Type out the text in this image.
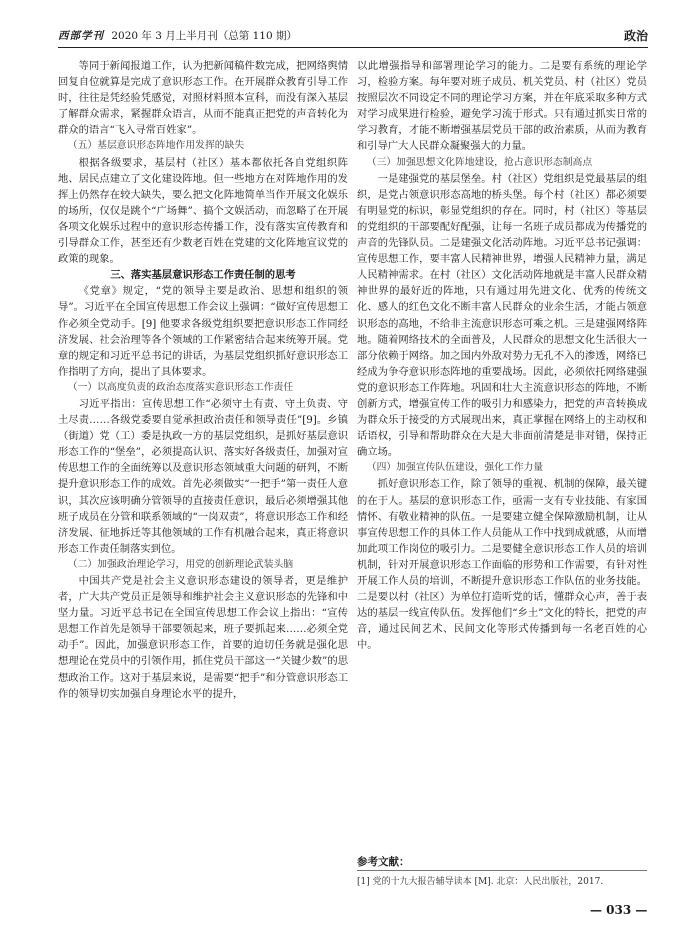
西部学刊 2020 年 3 月上半月刊（总第 110 期）	政治

等同于新闻报道工作，认为把新闻稿件数完成，把网络舆情回复自位就算是完成了意识形态工作。在开展群众教育引导工作时，往往是凭经验凭感觉，对照材料照本宣科，而没有深入基层了解群众需求，紧握群众语言，从而不能真正把党的声音转化为群众的语言“飞入寻常百姓家”。

（五）基层意识形态阵地作用发挥的缺失

根据各级要求，基层村（社区）基本都依托各自党组织阵地、居民点建立了文化建设阵地。但一些地方在对阵地作用的发挥上仍然存在较大缺失，要么把文化阵地简单当作开展文化娱乐的场所，仅仅是跳个“广场舞”、搞个文娱活动，而忽略了在开展各项文化娱乐过程中的意识形态传播工作，没有落实宣传教育和引导群众工作，甚至还有少数老百姓在党建的文化阵地宣议党的政策的现象。

三、落实基层意识形态工作责任制的思考

《党章》规定，“党的领导主要是政治、思想和组织的领导”。习近平在全国宣传思想工作会议上强调：“做好宣传思想工作必须全党动手。[9] 他要求各级党组织要把意识形态工作同经济发展、社会治理等各个领域的工作紧密结合起来统筹开展。党章的规定和习近平总书记的讲话，为基层党组织抓好意识形态工作指明了方向，提出了具体要求。

（一）以高度负责的政治态度落实意识形态工作责任

习近平指出：宣传思想工作“必须守土有责、守土负责、守土尽责……各级党委要自觉承担政治责任和领导责任”[9]。乡镇（街道）党（工）委是执政一方的基层党组织，是抓好基层意识形态工作的“堡垒”，必须提高认识、落实好各级责任，加强对宣传思想工作的全面统筹以及意识形态领域重大问题的研判，不断提升意识形态工作的成效。首先必须做实“一把手”第一责任人意识，其次应该明确分管领导的直接责任意识，最后必须增强其他班子成员在分管和联系领域的“一岗双责”，将意识形态工作和经济发展、征地拆迁等其他领域的工作有机融合起来，真正将意识形态工作责任制落实到位。

（二）加强政治理论学习，用党的创新理论武装头脑

中国共产党是社会主义意识形态建设的领导者，更是维护者，广大共产党员正是领导和维护社会主义意识形态的先锋和中坚力量。习近平总书记在全国宣传思想工作会议上指出：“宣传思想工作首先是领导干部要领起来，班子要抓起来……必须全党动手”。因此，加强意识形态工作，首要的迫切任务就是强化思想理论在党员中的引领作用，抓住党员干部这一“关键少数”的思想政治工作。这对于基层来说，是需要“把手”和分管意识形态工作的领导切实加强自身理论水平的提升，

以此增强指导和部署理论学习的能力。二是要有系统的理论学习，检验方案。每年要对班子成员、机关党员、村（社区）党员按照层次不同设定不同的理论学习方案，并在年底采取多种方式对学习成果进行检验，避免学习流于形式。只有通过抓实日常的学习教育，才能不断增强基层党员干部的政治素质，从而为教育和引导广大人民群众凝聚强大的力量。

（三）加强思想文化阵地建设，抢占意识形态制高点

一是建强党的基层堡垒。村（社区）党组织是党最基层的组织，是党占领意识形态高地的桥头堡。每个村（社区）都必须要有明显党的标识，彰显党组织的存在。同时，村（社区）等基层的党组织的干部要配好配强，让每一名班子成员都成为传播党的声音的先锋队员。二是建强文化活动阵地。习近平总书记强调：宣传思想工作，要丰富人民精神世界，增强人民精神力量，满足人民精神需求。在村（社区）文化活动阵地就是丰富人民群众精神世界的最好近的阵地，只有通过用先进文化、优秀的传统文化、感人的红色文化不断丰富人民群众的业余生活，才能占领意识形态的高地，不给非主流意识形态可乘之机。三是建强网络阵地。随着网络技术的全面普及，人民群众的思想文化生活很大一部分依赖于网络。加之国内外敌对势力无孔不入的渗透，网络已经成为争夺意识形态阵地的重要战场。因此，必须依托网络建强党的意识形态工作阵地。巩固和壮大主流意识形态的阵地，不断创新方式，增强宣传工作的吸引力和感染力，把党的声音转换成为群众乐于接受的方式展现出来，真正掌握在网络上的主动权和话语权，引导和帮助群众在大是大非面前清楚是非对错，保持正确立场。

（四）加强宣传队伍建设，强化工作力量

抓好意识形态工作，除了领导的重视、机制的保障，最关键的在于人。基层的意识形态工作，亟需一支有专业技能、有家国情怀、有敬业精神的队伍。一是要建立健全保障激励机制，让从事宣传思想工作的具体工作人员能从工作中找到成就感，从而增加此项工作岗位的吸引力。二是要健全意识形态工作人员的培训机制，针对开展意识形态工作面临的形势和工作需要，有针对性开展工作人员的培训，不断提升意识形态工作队伍的业务技能。二是要以村（社区）为单位打造听党的话，懂群众心声，善于表达的基层一线宣传队伍。发挥他们“乡土”文化的特长，把党的声音，通过民间艺术、民间文化等形式传播到每一名老百姓的心中。

参考文献：
[1] 党的十九大报告辅导读本 [M]. 北京：人民出版社，2017.
— 033 —
